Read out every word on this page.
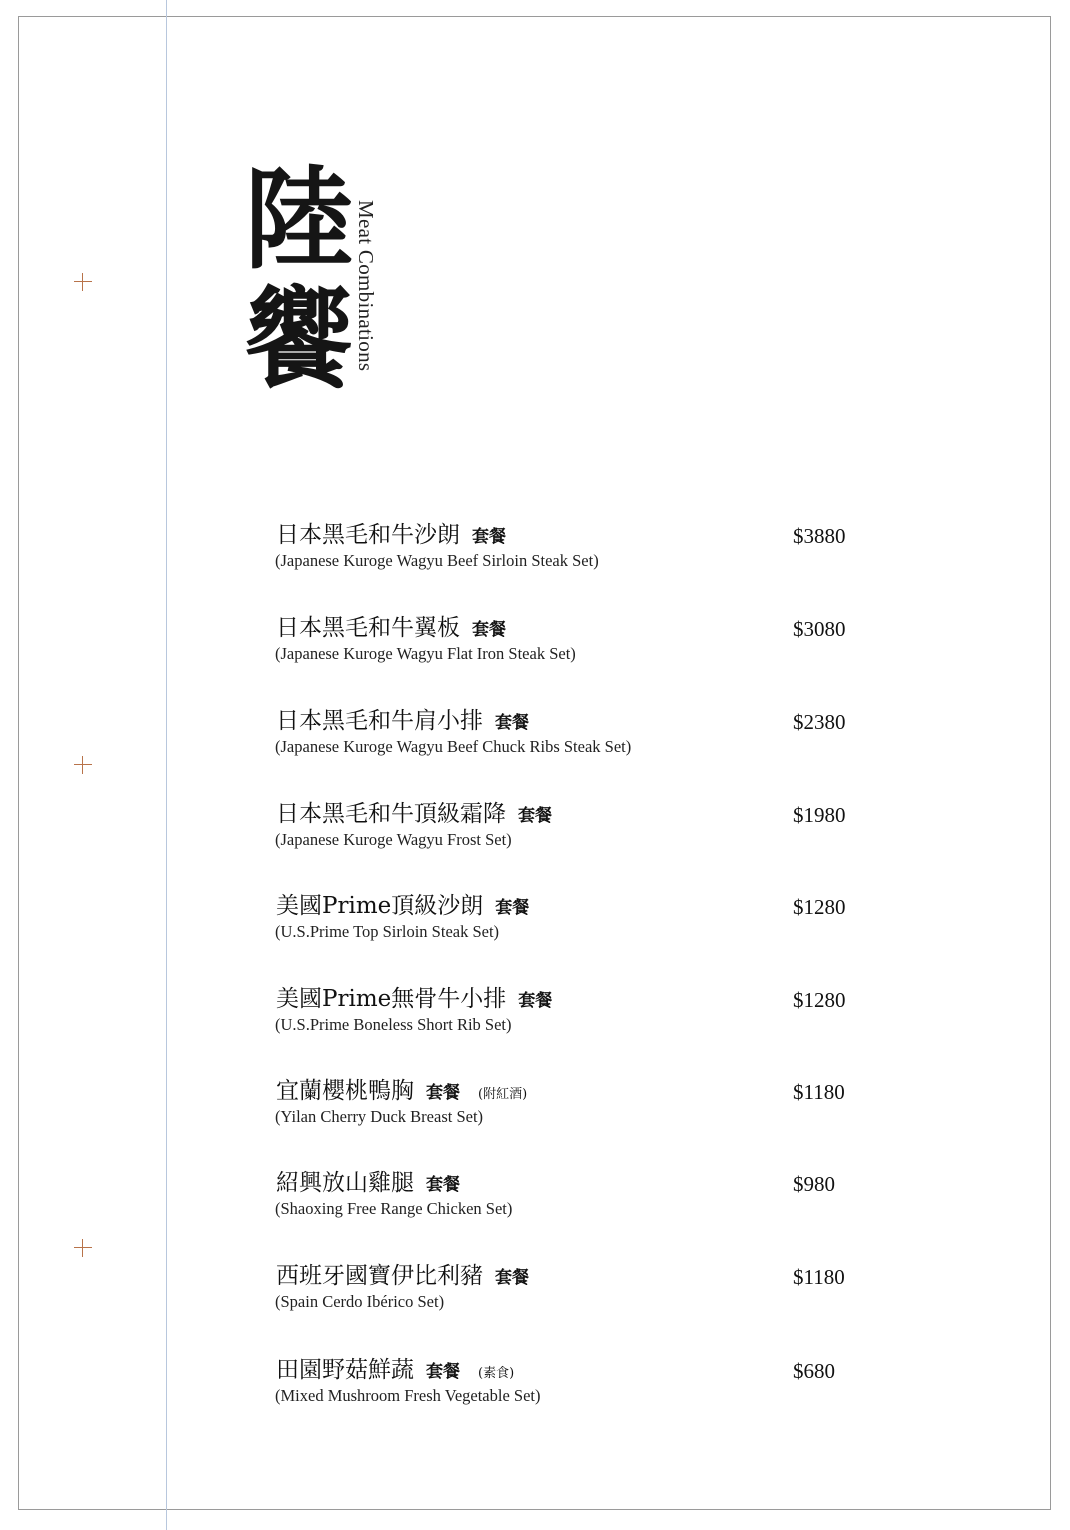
陸
饗 Meat Combinations
日本黑毛和牛沙朗 套餐
(Japanese Kuroge Wagyu Beef Sirloin Steak Set)
$3880
日本黑毛和牛翼板 套餐
(Japanese Kuroge Wagyu Flat Iron Steak Set)
$3080
日本黑毛和牛肩小排 套餐
(Japanese Kuroge Wagyu Beef Chuck Ribs Steak Set)
$2380
日本黑毛和牛頂級霜降 套餐
(Japanese Kuroge Wagyu Frost Set)
$1980
美國Prime頂級沙朗 套餐
(U.S.Prime Top Sirloin Steak Set)
$1280
美國Prime無骨牛小排 套餐
(U.S.Prime Boneless Short Rib Set)
$1280
宜蘭櫻桃鴨胸 套餐 (附紅酒)
(Yilan Cherry Duck Breast Set)
$1180
紹興放山雞腿 套餐
(Shaoxing Free Range Chicken Set)
$980
西班牙國寶伊比利豬 套餐
(Spain Cerdo Ibérico Set)
$1180
田園野菇鮮蔬 套餐 (素食)
(Mixed Mushroom Fresh Vegetable Set)
$680
